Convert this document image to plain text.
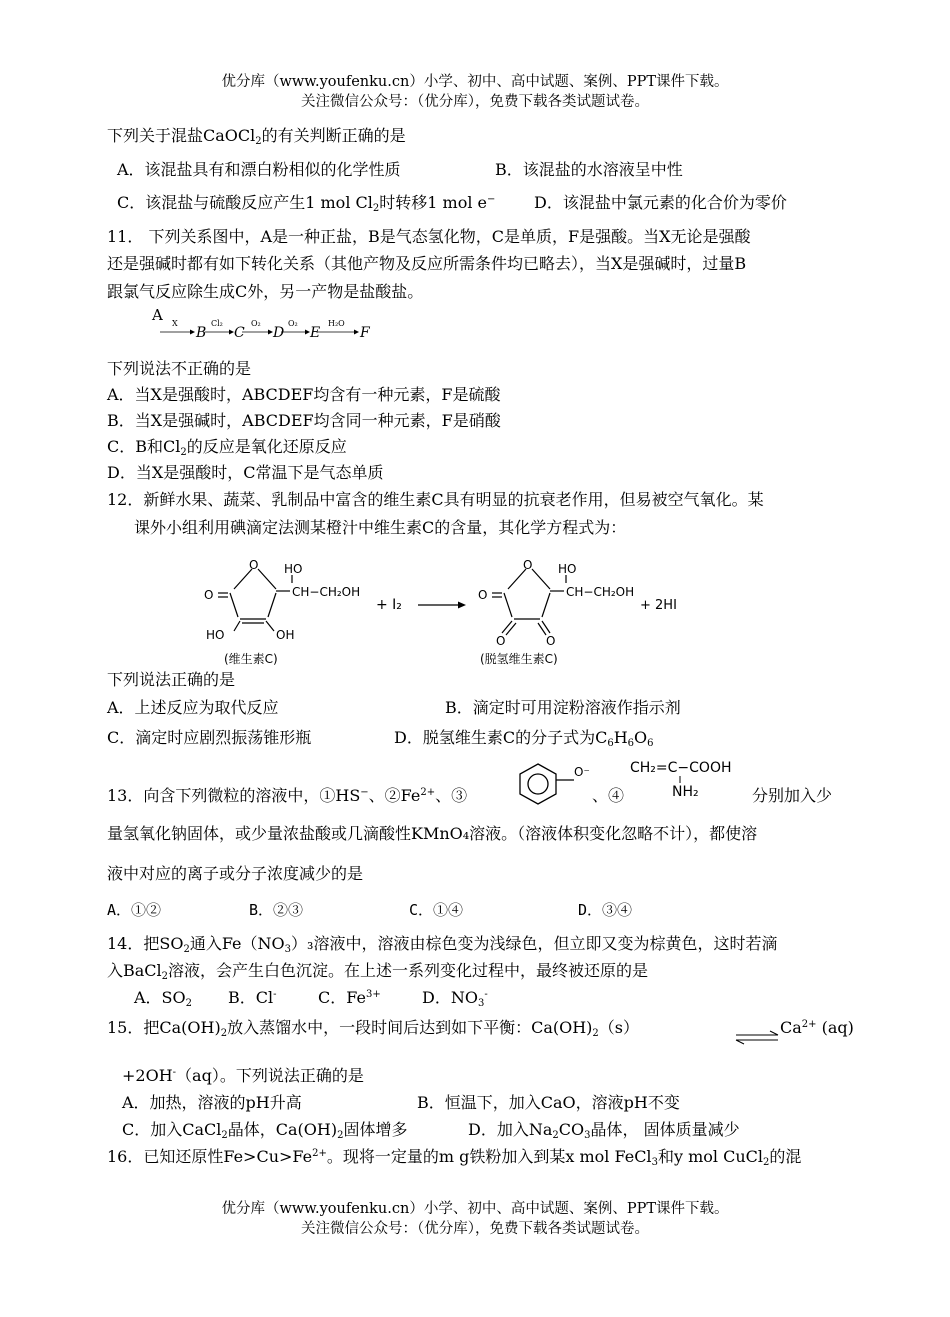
优分库（www.youfenku.cn）小学、初中、高中试题、案例、PPT课件下载。
关注微信公众号：（优分库），免费下载各类试题试卷。
下列关于混盐CaOCl$_2$的有关判断正确的是
A．该混盐具有和漂白粉相似的化学性质	B．该混盐的水溶液呈中性
C．该混盐与硫酸反应产生1 mol $Cl_2$时转移1 mol e− D．该混盐中氯元素的化合价为零价
11． 下列关系图中，A是一种正盐，B是气态氢化物，C是单质，F是强酸。当X无论是强酸
还是强碱时都有如下转化关系（其他产物及反应所需条件均已略去），当X是强碱时，过量B
跟氯气反应除生成C外，另一产物是盐酸盐。
A X
B
Cl₂
C
O₂
D
O₂
E
H₂O
F
下列说法不正确的是
A．当X是强酸时，ABCDEF均含有一种元素，F是硫酸
B．当X是强碱时，ABCDEF均含同一种元素，F是硝酸
C．B和$Cl_2$的反应是氧化还原反应
D．当X是强酸时，C常温下是气态单质
12．新鲜水果、蔬菜、乳制品中富含的维生素C具有明显的抗衰老作用，但易被空气氧化。某
课外小组利用碘滴定法测某橙汁中维生素C的含量，其化学方程式为：
O
O
HO
CH−CH₂OH
HO	OH
(维生素C)
+ I₂
O
O
HO
CH−CH₂OH
O	O
+ 2HI
(脱氢维生素C)
下列说法正确的是
A．上述反应为取代反应	B．滴定时可用淀粉溶液作指示剂
C．滴定时应剧烈振荡锥形瓶	D．脱氢维生素C的分子式为$C_6H_6O_6$
13．向含下列微粒的溶液中，①HS−、$②Fe^{2+}$、③
O⁻
、④
CH₂=C−COOH
NH₂	分别加入少
量氢氧化钠固体，或少量浓盐酸或几滴酸性KMnO₄溶液。（溶液体积变化忽略不计），都使溶
液中对应的离子或分子浓度减少的是
A．①②	B．②③	C．①④	D．③④
14．把$SO_2$通入$Fe(NO_3)_3$溶液中，溶液由棕色变为浅绿色，但立即又变为棕黄色，这时若滴
入BaCl$_2$溶液，会产生白色沉淀。在上述一系列变化过程中，最终被还原的是
A．$SO_2$ B．Cl-	C．$Fe^{3+}$	D．$NO_3^-$
15．把$Ca(OH)_2$放入蒸馏水中，一段时间后达到如下平衡：$Ca(OH)_2(s)$	$Ca^{2+}$ (aq)
+2OH-（aq）。下列说法正确的是
A．加热，溶液的pH升高	B．恒温下，加入CaO，溶液pH不变
C．加入CaCl$_2$晶体，$Ca(OH)_2$固体增多	D．加入$Na_2CO_3$晶体， 固体质量减少
16．已知还原性$Fe>Cu>Fe^{2+}$。现将一定量的m g铁粉加入到某x mol FeCl$_3$和y mol CuCl$_2$的混
优分库（www.youfenku.cn）小学、初中、高中试题、案例、PPT课件下载。
关注微信公众号：（优分库），免费下载各类试题试卷。
